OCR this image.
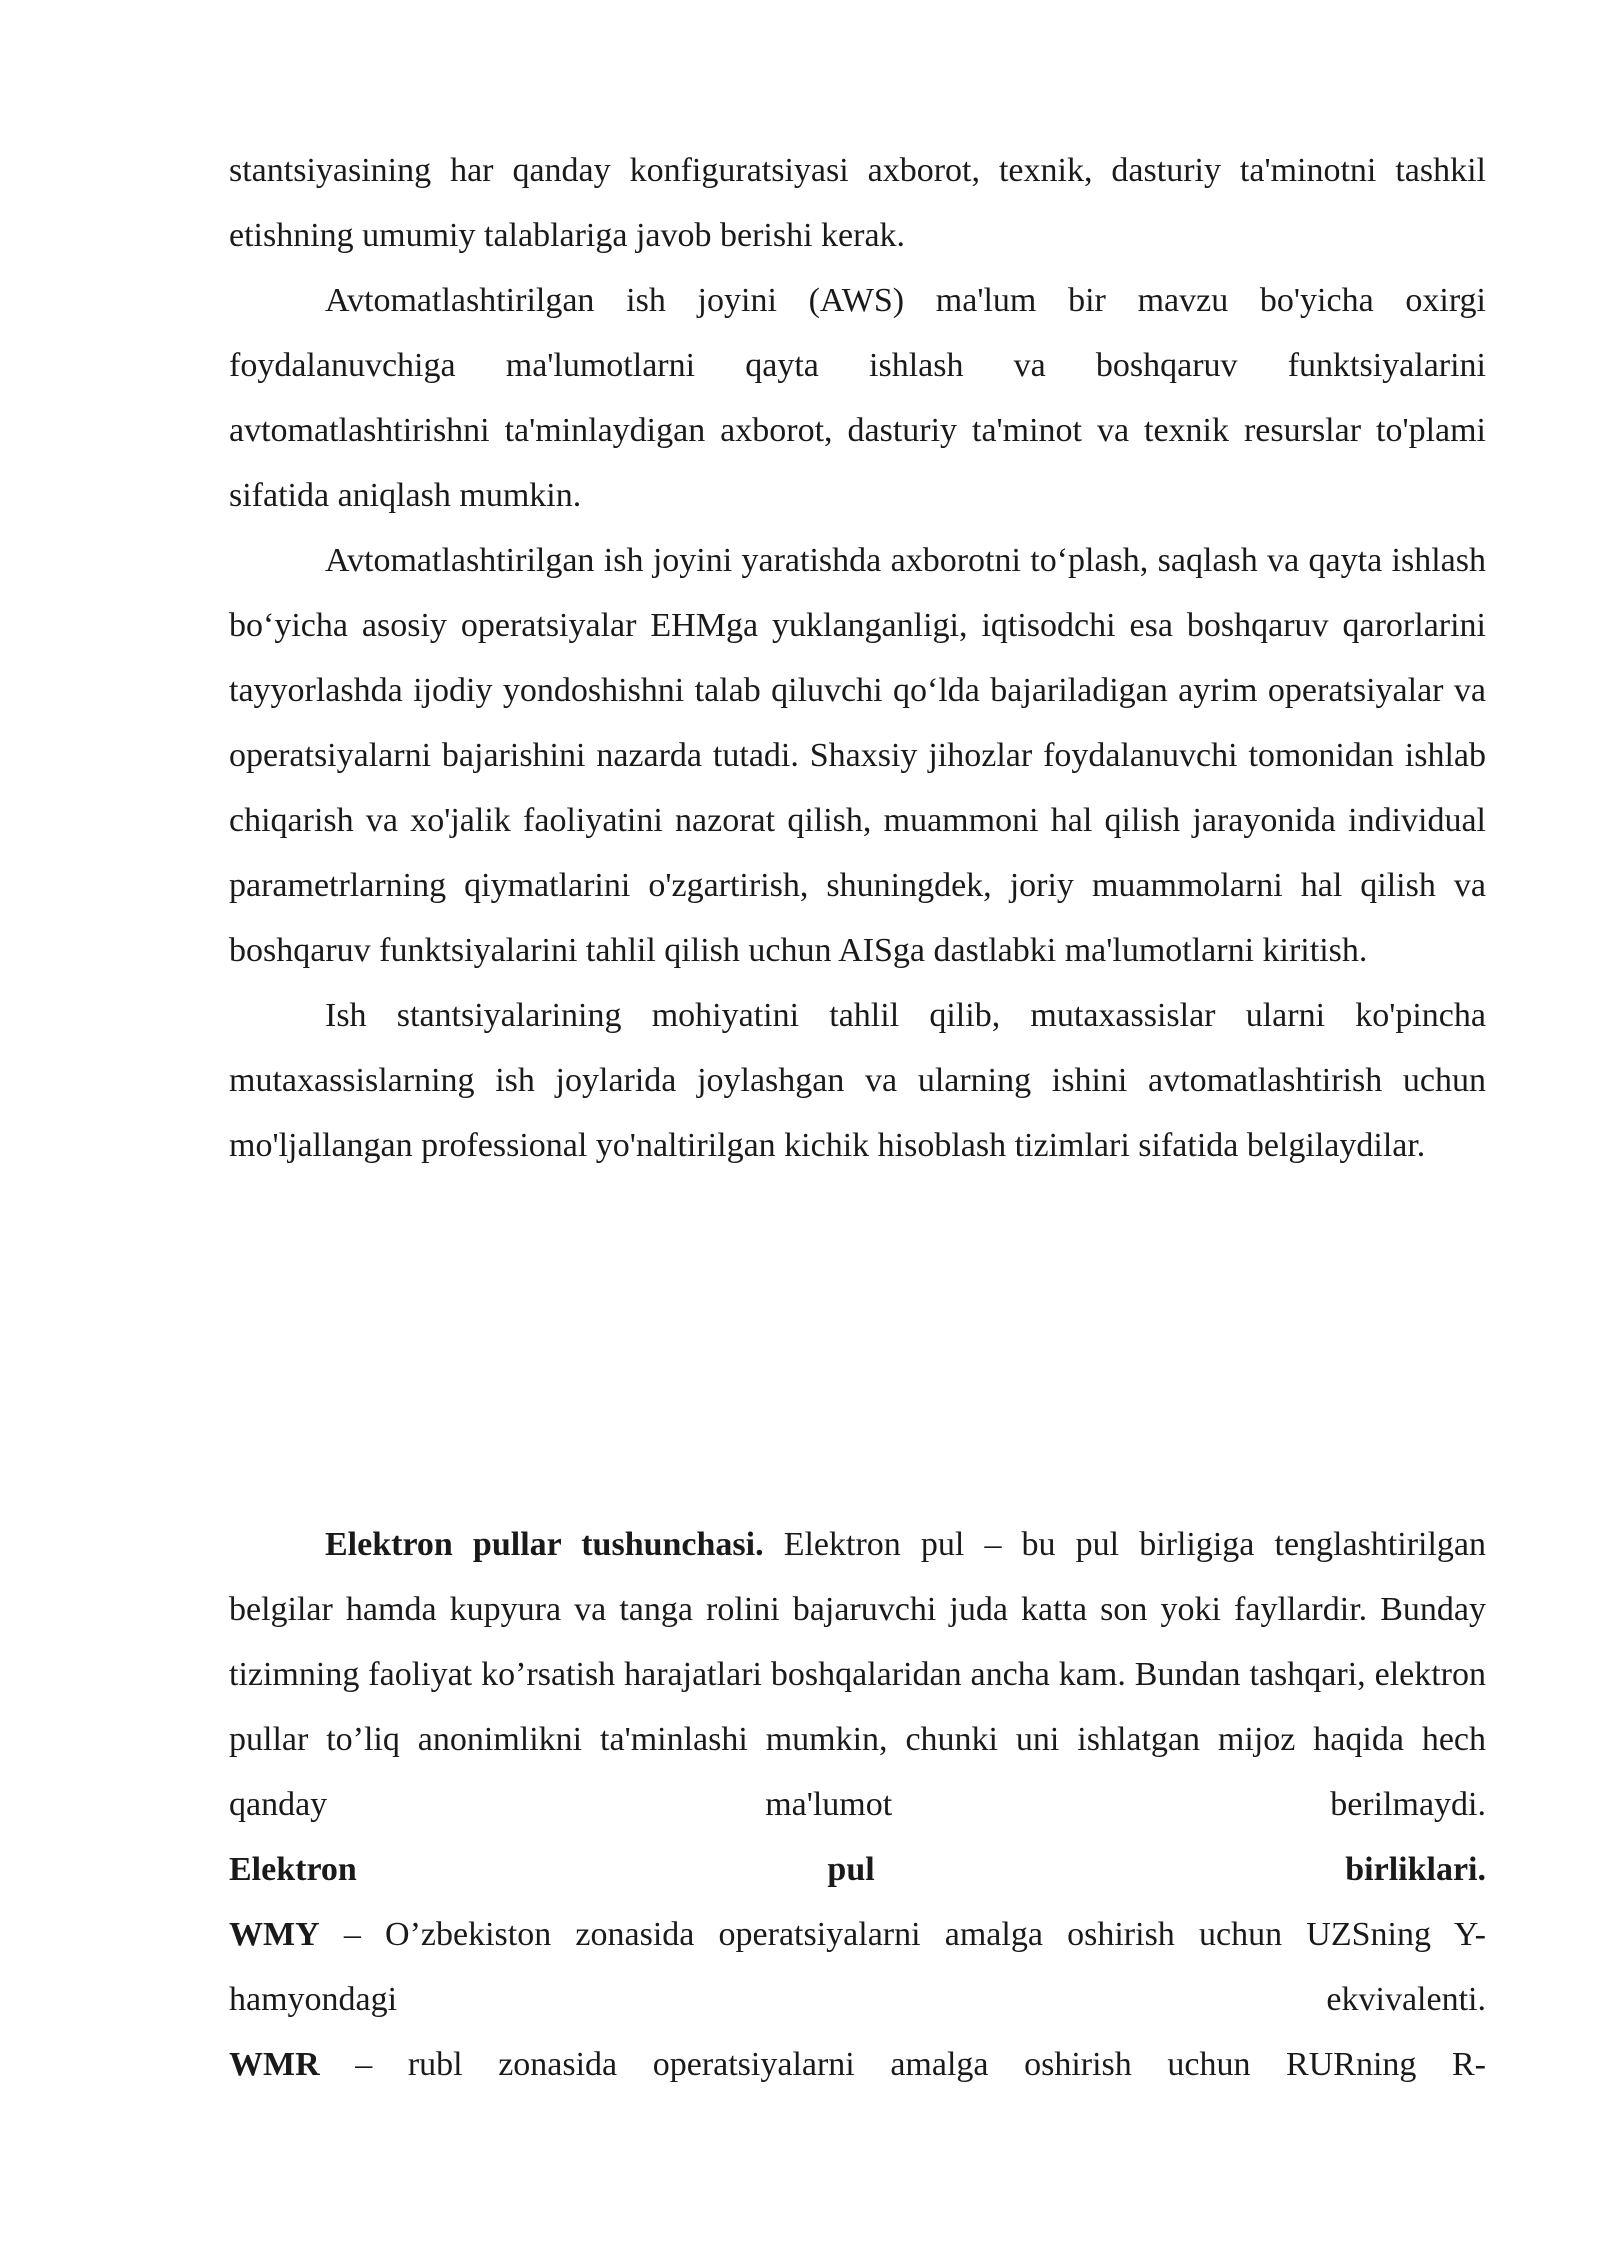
stantsiyasining har qanday konfiguratsiyasi axborot, texnik, dasturiy ta'minotni tashkil etishning umumiy talablariga javob berishi kerak.

Avtomatlashtirilgan ish joyini (AWS) ma'lum bir mavzu bo'yicha oxirgi foydalanuvchiga ma'lumotlarni qayta ishlash va boshqaruv funktsiyalarini avtomatlashtirishni ta'minlaydigan axborot, dasturiy ta'minot va texnik resurslar to'plami sifatida aniqlash mumkin.

Avtomatlashtirilgan ish joyini yaratishda axborotni to‘plash, saqlash va qayta ishlash bo‘yicha asosiy operatsiyalar EHMga yuklanganligi, iqtisodchi esa boshqaruv qarorlarini tayyorlashda ijodiy yondoshishni talab qiluvchi qo‘lda bajariladigan ayrim operatsiyalar va operatsiyalarni bajarishini nazarda tutadi. Shaxsiy jihozlar foydalanuvchi tomonidan ishlab chiqarish va xo'jalik faoliyatini nazorat qilish, muammoni hal qilish jarayonida individual parametrlarning qiymatlarini o'zgartirish, shuningdek, joriy muammolarni hal qilish va boshqaruv funktsiyalarini tahlil qilish uchun AISga dastlabki ma'lumotlarni kiritish.

Ish stantsiyalarining mohiyatini tahlil qilib, mutaxassislar ularni ko'pincha mutaxassislarning ish joylarida joylashgan va ularning ishini avtomatlashtirish uchun mo'ljallangan professional yo'naltirilgan kichik hisoblash tizimlari sifatida belgilaydilar.

Elektron pullar tushunchasi. Elektron pul – bu pul birligiga tenglashtirilgan belgilar hamda kupyura va tanga rolini bajaruvchi juda katta son yoki fayllardir. Bunday tizimning faoliyat ko’rsatish harajatlari boshqalaridan ancha kam. Bundan tashqari, elektron pullar to’liq anonimlikni ta'minlashi mumkin, chunki uni ishlatgan mijoz haqida hech qanday ma'lumot berilmaydi.

Elektron pul birliklari.

WMY – O’zbekiston zonasida operatsiyalarni amalga oshirish uchun UZSning Y-hamyondagi ekvivalenti.

WMR – rubl zonasida operatsiyalarni amalga oshirish uchun RURning R-
